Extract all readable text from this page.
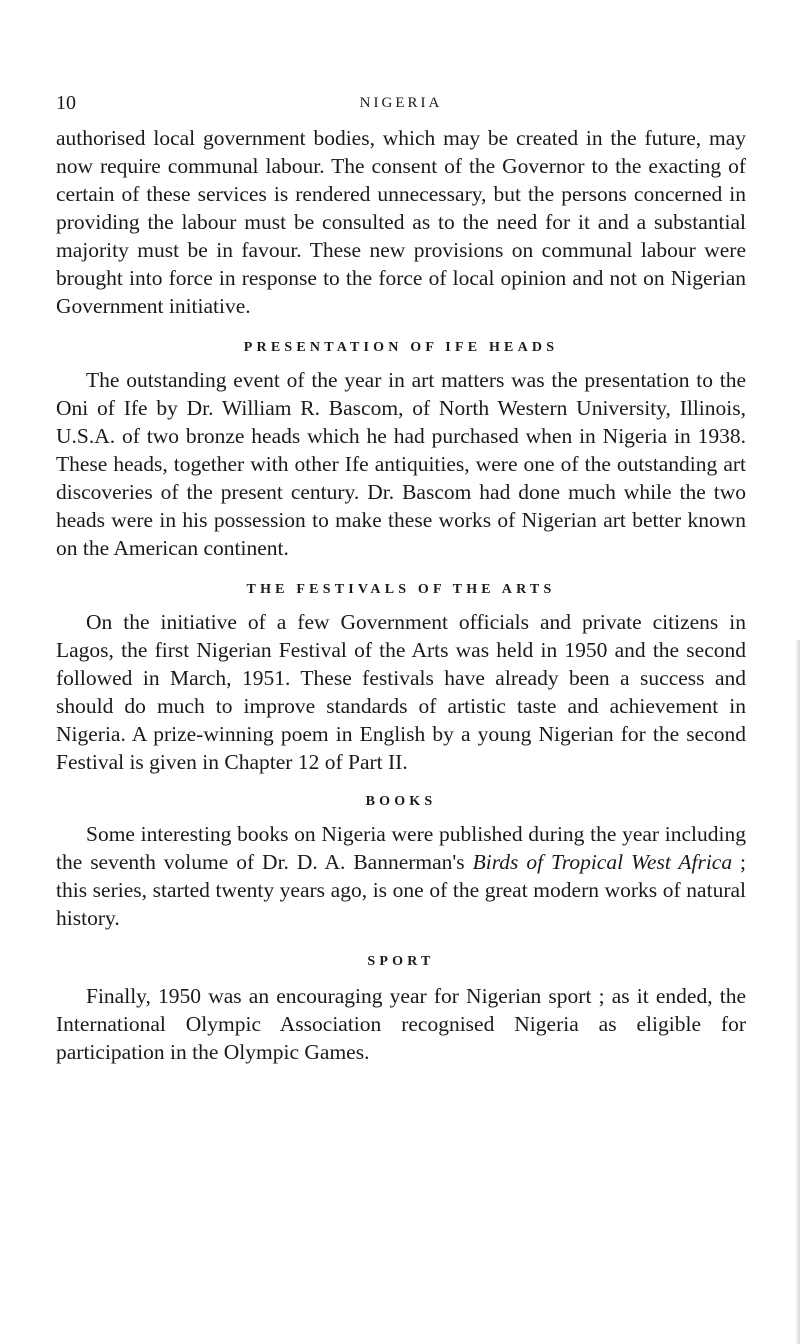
10	NIGERIA

authorised local government bodies, which may be created in the future, may now require communal labour. The consent of the Governor to the exacting of certain of these services is rendered unnecessary, but the persons concerned in providing the labour must be consulted as to the need for it and a substantial majority must be in favour. These new provisions on communal labour were brought into force in response to the force of local opinion and not on Nigerian Government initiative.

PRESENTATION OF IFE HEADS

The outstanding event of the year in art matters was the presentation to the Oni of Ife by Dr. William R. Bascom, of North Western University, Illinois, U.S.A. of two bronze heads which he had purchased when in Nigeria in 1938. These heads, together with other Ife antiquities, were one of the outstanding art discoveries of the present century. Dr. Bascom had done much while the two heads were in his possession to make these works of Nigerian art better known on the American continent.

THE FESTIVALS OF THE ARTS

On the initiative of a few Government officials and private citizens in Lagos, the first Nigerian Festival of the Arts was held in 1950 and the second followed in March, 1951. These festivals have already been a success and should do much to improve standards of artistic taste and achievement in Nigeria. A prize-winning poem in English by a young Nigerian for the second Festival is given in Chapter 12 of Part II.

BOOKS

Some interesting books on Nigeria were published during the year including the seventh volume of Dr. D. A. Bannerman's Birds of Tropical West Africa ; this series, started twenty years ago, is one of the great modern works of natural history.

SPORT

Finally, 1950 was an encouraging year for Nigerian sport ; as it ended, the International Olympic Association recognised Nigeria as eligible for participation in the Olympic Games.
